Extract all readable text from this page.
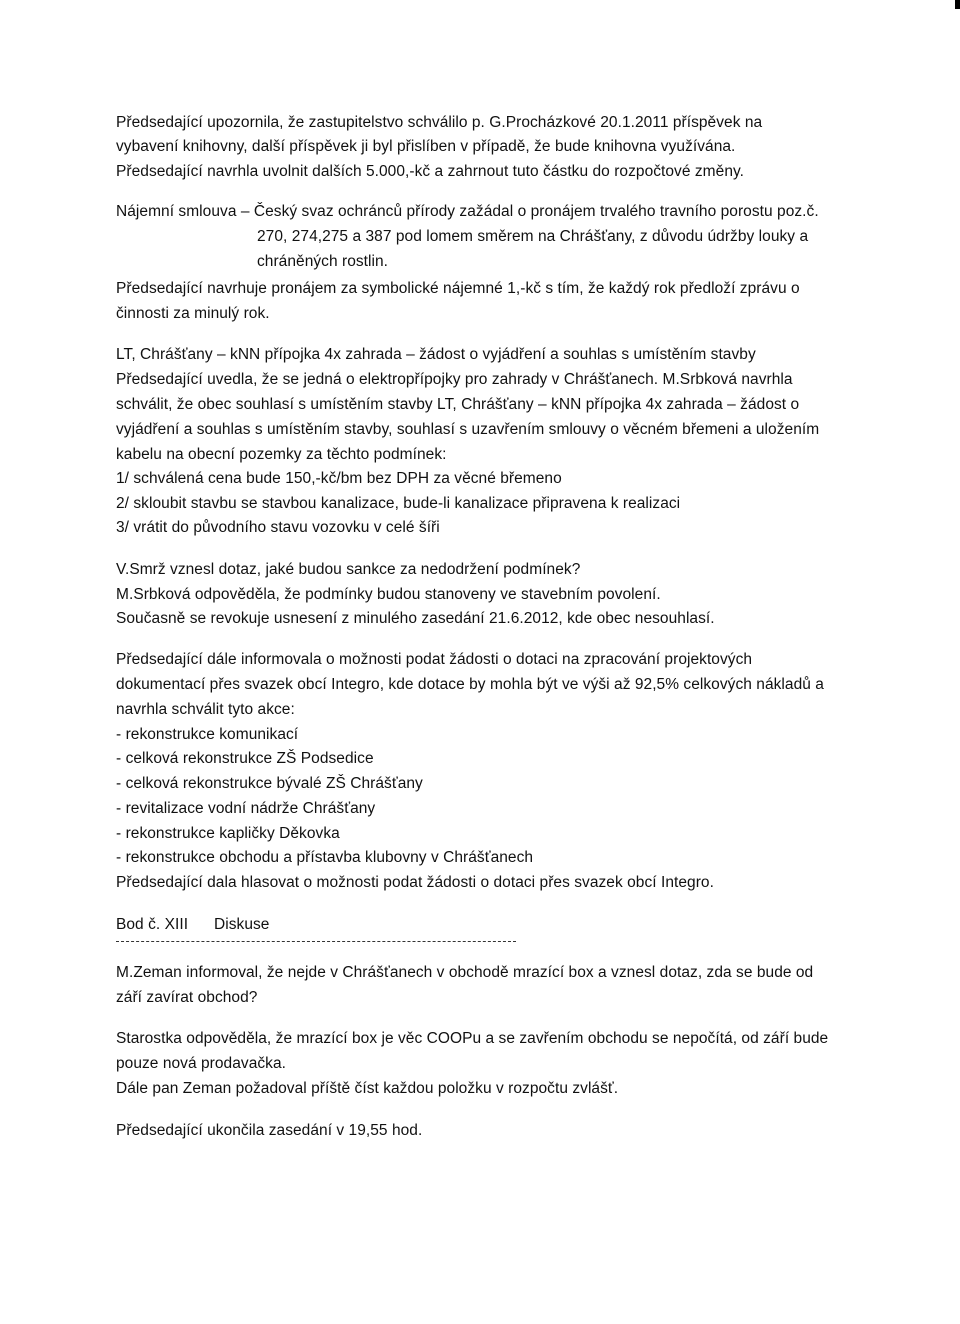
Předsedající upozornila, že zastupitelstvo schválilo p. G.Procházkové 20.1.2011 příspěvek na
vybavení knihovny, další příspěvek ji byl přislíben v případě, že bude knihovna využívána.
Předsedající navrhla uvolnit dalších 5.000,-kč a zahrnout tuto částku do rozpočtové změny.
Nájemní smlouva – Český svaz ochránců přírody zažádal o pronájem trvalého travního porostu poz.č.
270, 274,275 a 387 pod lomem směrem na Chrášťany, z důvodu údržby louky a
chráněných rostlin.
Předsedající navrhuje pronájem za symbolické nájemné 1,-kč s tím, že každý rok předloží zprávu o
činnosti za minulý rok.
LT, Chrášťany – kNN přípojka 4x zahrada – žádost o vyjádření a souhlas s umístěním stavby
Předsedající uvedla, že se jedná o elektropřípojky pro zahrady v Chrášťanech. M.Srbková navrhla
schválit, že obec souhlasí s umístěním stavby LT, Chrášťany – kNN přípojka 4x zahrada – žádost o
vyjádření a souhlas s umístěním stavby, souhlasí s uzavřením smlouvy o věcném břemeni a uložením
kabelu na obecní pozemky za těchto podmínek:
1/ schválená cena bude 150,-kč/bm bez DPH za věcné břemeno
2/ skloubit stavbu se stavbou kanalizace, bude-li kanalizace připravena k realizaci
3/ vrátit do původního stavu vozovku v celé šíři
V.Smrž vznesl dotaz, jaké budou sankce za nedodržení podmínek?
M.Srbková odpověděla, že podmínky budou stanoveny ve stavebním povolení.
Současně se revokuje usnesení z minulého zasedání 21.6.2012, kde obec nesouhlasí.
Předsedající dále informovala o možnosti podat žádosti o dotaci na zpracování projektových
dokumentací přes svazek obcí Integro, kde dotace by mohla být ve výši až 92,5% celkových nákladů a
navrhla schválit tyto akce:
- rekonstrukce komunikací
- celková rekonstrukce ZŠ Podsedice
- celková rekonstrukce bývalé ZŠ Chrášťany
- revitalizace vodní nádrže Chrášťany
- rekonstrukce kapličky Děkovka
- rekonstrukce obchodu a přístavba klubovny v Chrášťanech
Předsedající dala hlasovat o možnosti podat žádosti o dotaci přes svazek obcí Integro.
Bod č. XIII Diskuse
M.Zeman informoval, že nejde v Chrášťanech v obchodě mrazící box a vznesl dotaz, zda se bude od
září zavírat obchod?
Starostka odpověděla, že mrazící box je věc COOPu a se zavřením obchodu se nepočítá, od září bude
pouze nová prodavačka.
Dále pan Zeman požadoval příště číst každou položku v rozpočtu zvlášť.
Předsedající ukončila zasedání v 19,55 hod.
